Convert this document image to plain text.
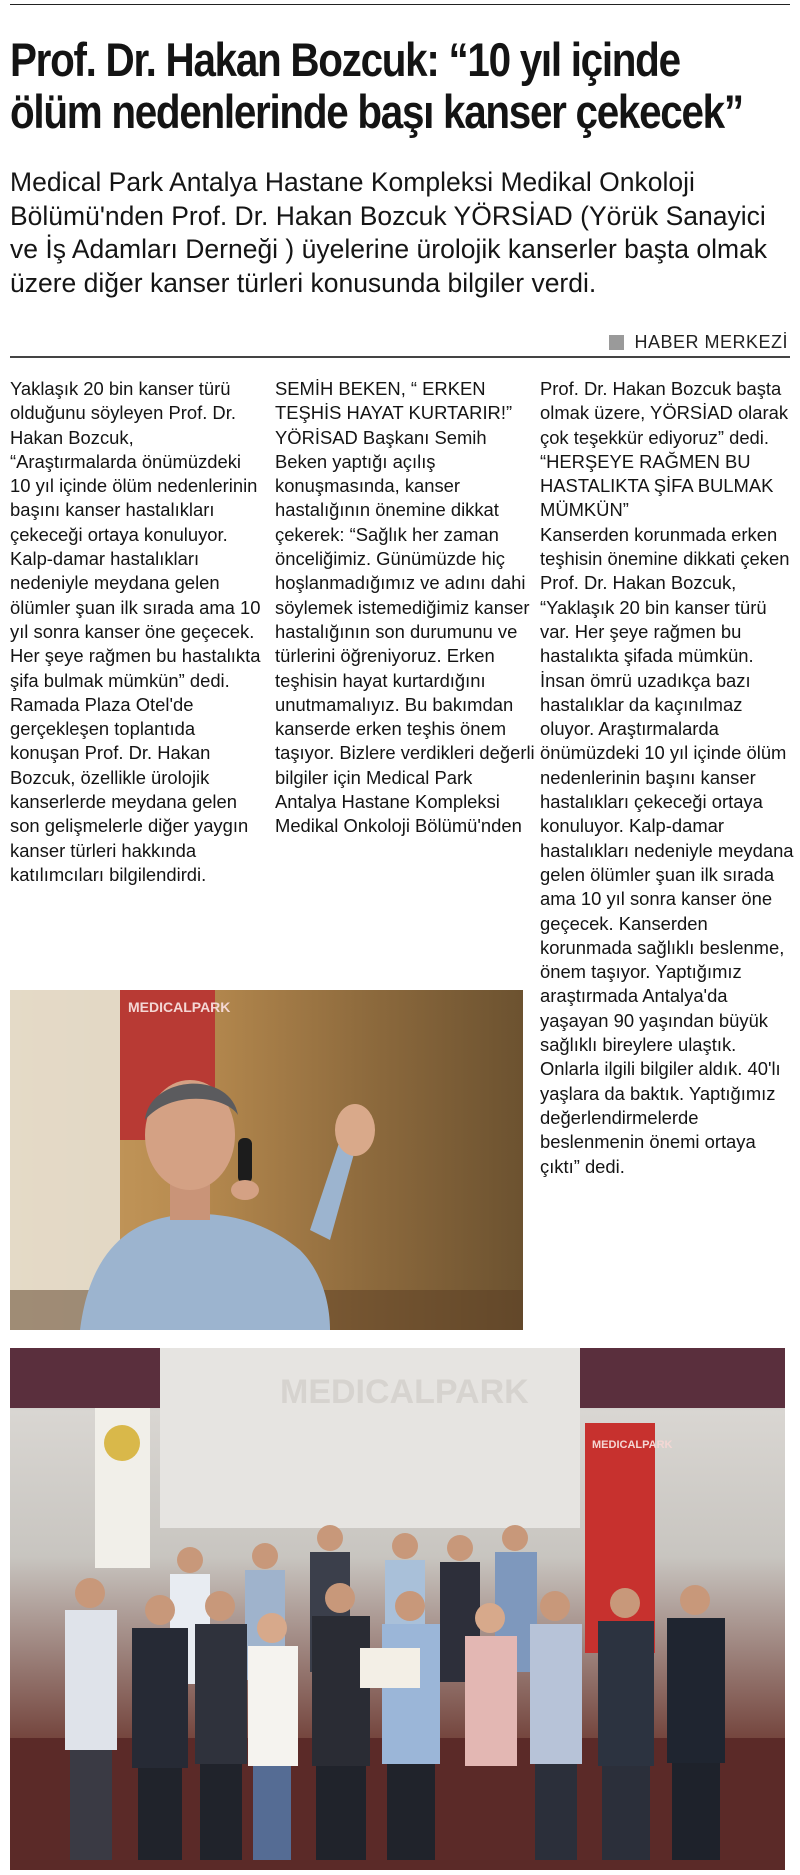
Prof. Dr. Hakan Bozcuk: “10 yıl içinde
ölüm nedenlerinde başı kanser çekecek”
Medical Park Antalya Hastane Kompleksi Medikal Onkoloji Bölümü'nden Prof. Dr. Hakan Bozcuk YÖRSİAD (Yörük Sanayici ve İş Adamları Derneği ) üyelerine ürolojik kanserler başta olmak üzere diğer kanser türleri konusunda bilgiler verdi.
HABER MERKEZİ

Yaklaşık 20 bin kanser türü olduğunu söyleyen Prof. Dr. Hakan Bozcuk, “Araştırmalarda önümüzdeki 10 yıl içinde ölüm nedenlerinin başını kanser hastalıkları çekeceği ortaya konuluyor. Kalp-damar hastalıkları nedeniyle meydana gelen ölümler şuan ilk sırada ama 10 yıl sonra kanser öne geçecek. Her şeye rağmen bu hastalıkta şifa bulmak mümkün” dedi. Ramada Plaza Otel'de gerçekleşen toplantıda konuşan Prof. Dr. Hakan Bozcuk, özellikle ürolojik kanserlerde meydana gelen son gelişmelerle diğer yaygın kanser türleri hakkında katılımcıları bilgilendirdi.

SEMİH BEKEN, “ ERKEN TEŞHİS HAYAT KURTARIR!”

YÖRİSAD Başkanı Semih Beken yaptığı açılış konuşmasında, kanser hastalığının önemine dikkat çekerek: “Sağlık her zaman önceliğimiz. Günümüzde hiç hoşlanmadığımız ve adını dahi söylemek istemediğimiz kanser hastalığının son durumunu ve türlerini öğreniyoruz. Erken teşhisin hayat kurtardığını unutmamalıyız. Bu bakımdan kanserde erken teşhis önem taşıyor. Bizlere verdikleri değerli bilgiler için Medical Park Antalya Hastane Kompleksi Medikal Onkoloji Bölümü'nden

Prof. Dr. Hakan Bozcuk başta olmak üzere, YÖRSİAD olarak çok teşekkür ediyoruz” dedi.

“HERŞEYE RAĞMEN BU HASTALIKTA ŞİFA BULMAK MÜMKÜN”

Kanserden korunmada erken teşhisin önemine dikkati çeken Prof. Dr. Hakan Bozcuk, “Yaklaşık 20 bin kanser türü var. Her şeye rağmen bu hastalıkta şifada mümkün. İnsan ömrü uzadıkça bazı hastalıklar da kaçınılmaz oluyor. Araştırmalarda önümüzdeki 10 yıl içinde ölüm nedenlerinin başını kanser hastalıkları çekeceği ortaya konuluyor. Kalp-damar hastalıkları nedeniyle meydana gelen ölümler şuan ilk sırada ama 10 yıl sonra kanser öne geçecek. Kanserden korunmada sağlıklı beslenme, önem taşıyor. Yaptığımız araştırmada Antalya'da yaşayan 90 yaşından büyük sağlıklı bireylere ulaştık. Onlarla ilgili bilgiler aldık. 40'lı yaşlara da baktık. Yaptığımız değerlendirmelerde beslenmenin önemi ortaya çıktı” dedi.

MEDICALPARK
MEDICALPARK
MEDICALPARK
